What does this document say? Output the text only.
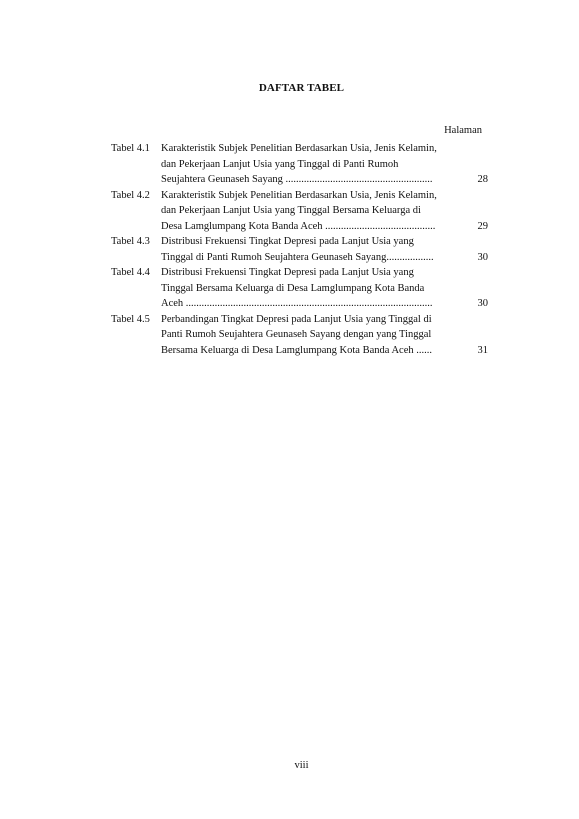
DAFTAR TABEL
Halaman
Tabel 4.1	Karakteristik Subjek Penelitian Berdasarkan Usia, Jenis Kelamin,
dan Pekerjaan Lanjut Usia yang Tinggal di Panti Rumoh
Seujahtera Geunaseh Sayang ........................................................	28
Tabel 4.2	Karakteristik Subjek Penelitian Berdasarkan Usia, Jenis Kelamin,
dan Pekerjaan Lanjut Usia yang Tinggal Bersama Keluarga di
Desa Lamglumpang Kota Banda Aceh ..........................................	29
Tabel 4.3	Distribusi Frekuensi Tingkat Depresi pada Lanjut Usia yang
Tinggal di Panti Rumoh Seujahtera Geunaseh Sayang..................	30
Tabel 4.4	Distribusi Frekuensi Tingkat Depresi pada Lanjut Usia yang
Tinggal Bersama Keluarga di Desa Lamglumpang Kota Banda
Aceh ..............................................................................................	30
Tabel 4.5	Perbandingan Tingkat Depresi pada Lanjut Usia yang Tinggal di
Panti Rumoh Seujahtera Geunaseh Sayang dengan yang Tinggal
Bersama Keluarga di Desa Lamglumpang Kota Banda Aceh ......	31
viii
